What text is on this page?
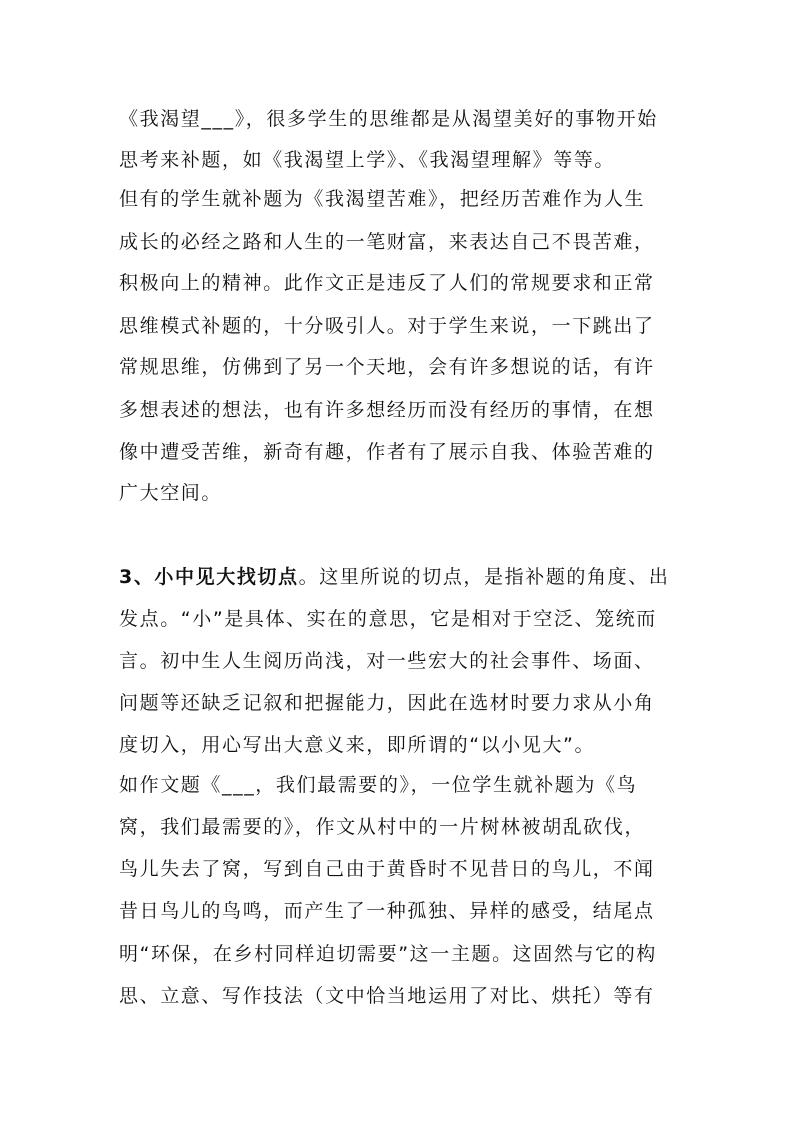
《我渴望___》，很多学生的思维都是从渴望美好的事物开始
思考来补题，如《我渴望上学》、《我渴望理解》等等。
但有的学生就补题为《我渴望苦难》，把经历苦难作为人生
成长的必经之路和人生的一笔财富，来表达自己不畏苦难，
积极向上的精神。此作文正是违反了人们的常规要求和正常
思维模式补题的，十分吸引人。对于学生来说，一下跳出了
常规思维，仿佛到了另一个天地，会有许多想说的话，有许
多想表述的想法，也有许多想经历而没有经历的事情，在想
像中遭受苦维，新奇有趣，作者有了展示自我、体验苦难的
广大空间。
3、小中见大找切点。这里所说的切点，是指补题的角度、出
发点。“小”是具体、实在的意思，它是相对于空泛、笼统而
言。初中生人生阅历尚浅，对一些宏大的社会事件、场面、
问题等还缺乏记叙和把握能力，因此在选材时要力求从小角
度切入，用心写出大意义来，即所谓的“以小见大”。
如作文题《___，我们最需要的》，一位学生就补题为《鸟
窝，我们最需要的》，作文从村中的一片树林被胡乱砍伐，
鸟儿失去了窝，写到自己由于黄昏时不见昔日的鸟儿，不闻
昔日鸟儿的鸟鸣，而产生了一种孤独、异样的感受，结尾点
明“环保，在乡村同样迫切需要”这一主题。这固然与它的构
思、立意、写作技法（文中恰当地运用了对比、烘托）等有
